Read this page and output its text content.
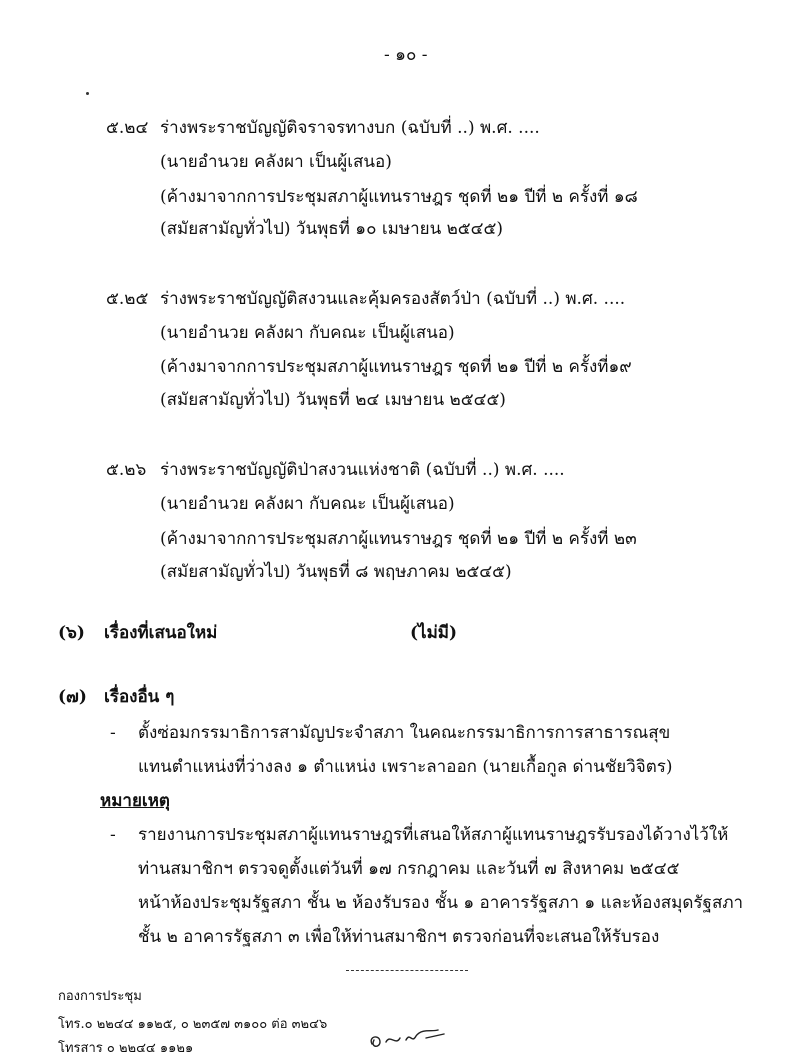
- ๑๐ -
๕.๒๔ ร่างพระราชบัญญัติจราจรทางบก (ฉบับที่ ..) พ.ศ. ....
(นายอำนวย คลังผา เป็นผู้เสนอ)
(ค้างมาจากการประชุมสภาผู้แทนราษฎร ชุดที่ ๒๑ ปีที่ ๒ ครั้งที่ ๑๘
(สมัยสามัญทั่วไป) วันพุธที่ ๑๐ เมษายน ๒๕๔๕)
๕.๒๕ ร่างพระราชบัญญัติสงวนและคุ้มครองสัตว์ป่า (ฉบับที่ ..) พ.ศ. ....
(นายอำนวย คลังผา กับคณะ เป็นผู้เสนอ)
(ค้างมาจากการประชุมสภาผู้แทนราษฎร ชุดที่ ๒๑ ปีที่ ๒ ครั้งที่๑๙
(สมัยสามัญทั่วไป) วันพุธที่ ๒๔ เมษายน ๒๕๔๕)
๕.๒๖ ร่างพระราชบัญญัติป่าสงวนแห่งชาติ (ฉบับที่ ..) พ.ศ. ....
(นายอำนวย คลังผา กับคณะ เป็นผู้เสนอ)
(ค้างมาจากการประชุมสภาผู้แทนราษฎร ชุดที่ ๒๑ ปีที่ ๒ ครั้งที่ ๒๓
(สมัยสามัญทั่วไป) วันพุธที่ ๘ พฤษภาคม ๒๕๔๕)
(๖) เรื่องที่เสนอใหม่	(ไม่มี)
(๗) เรื่องอื่น ๆ
- ตั้งซ่อมกรรมาธิการสามัญประจำสภา ในคณะกรรมาธิการการสาธารณสุข
แทนตำแหน่งที่ว่างลง ๑ ตำแหน่ง เพราะลาออก (นายเกื้อกูล ด่านชัยวิจิตร)
หมายเหตุ
- รายงานการประชุมสภาผู้แทนราษฎรที่เสนอให้สภาผู้แทนราษฎรรับรองได้วางไว้ให้
ท่านสมาชิกฯ ตรวจดูตั้งแต่วันที่ ๑๗ กรกฎาคม และวันที่ ๗ สิงหาคม ๒๕๔๕
หน้าห้องประชุมรัฐสภา ชั้น ๒ ห้องรับรอง ชั้น ๑ อาคารรัฐสภา ๑ และห้องสมุดรัฐสภา
ชั้น ๒ อาคารรัฐสภา ๓ เพื่อให้ท่านสมาชิกฯ ตรวจก่อนที่จะเสนอให้รับรอง
กองการประชุม
โทร.๐ ๒๒๔๔ ๑๑๒๕, ๐ ๒๓๕๗ ๓๑๐๐ ต่อ ๓๒๔๖
โทรสาร ๐ ๒๒๔๔ ๑๑๒๑
